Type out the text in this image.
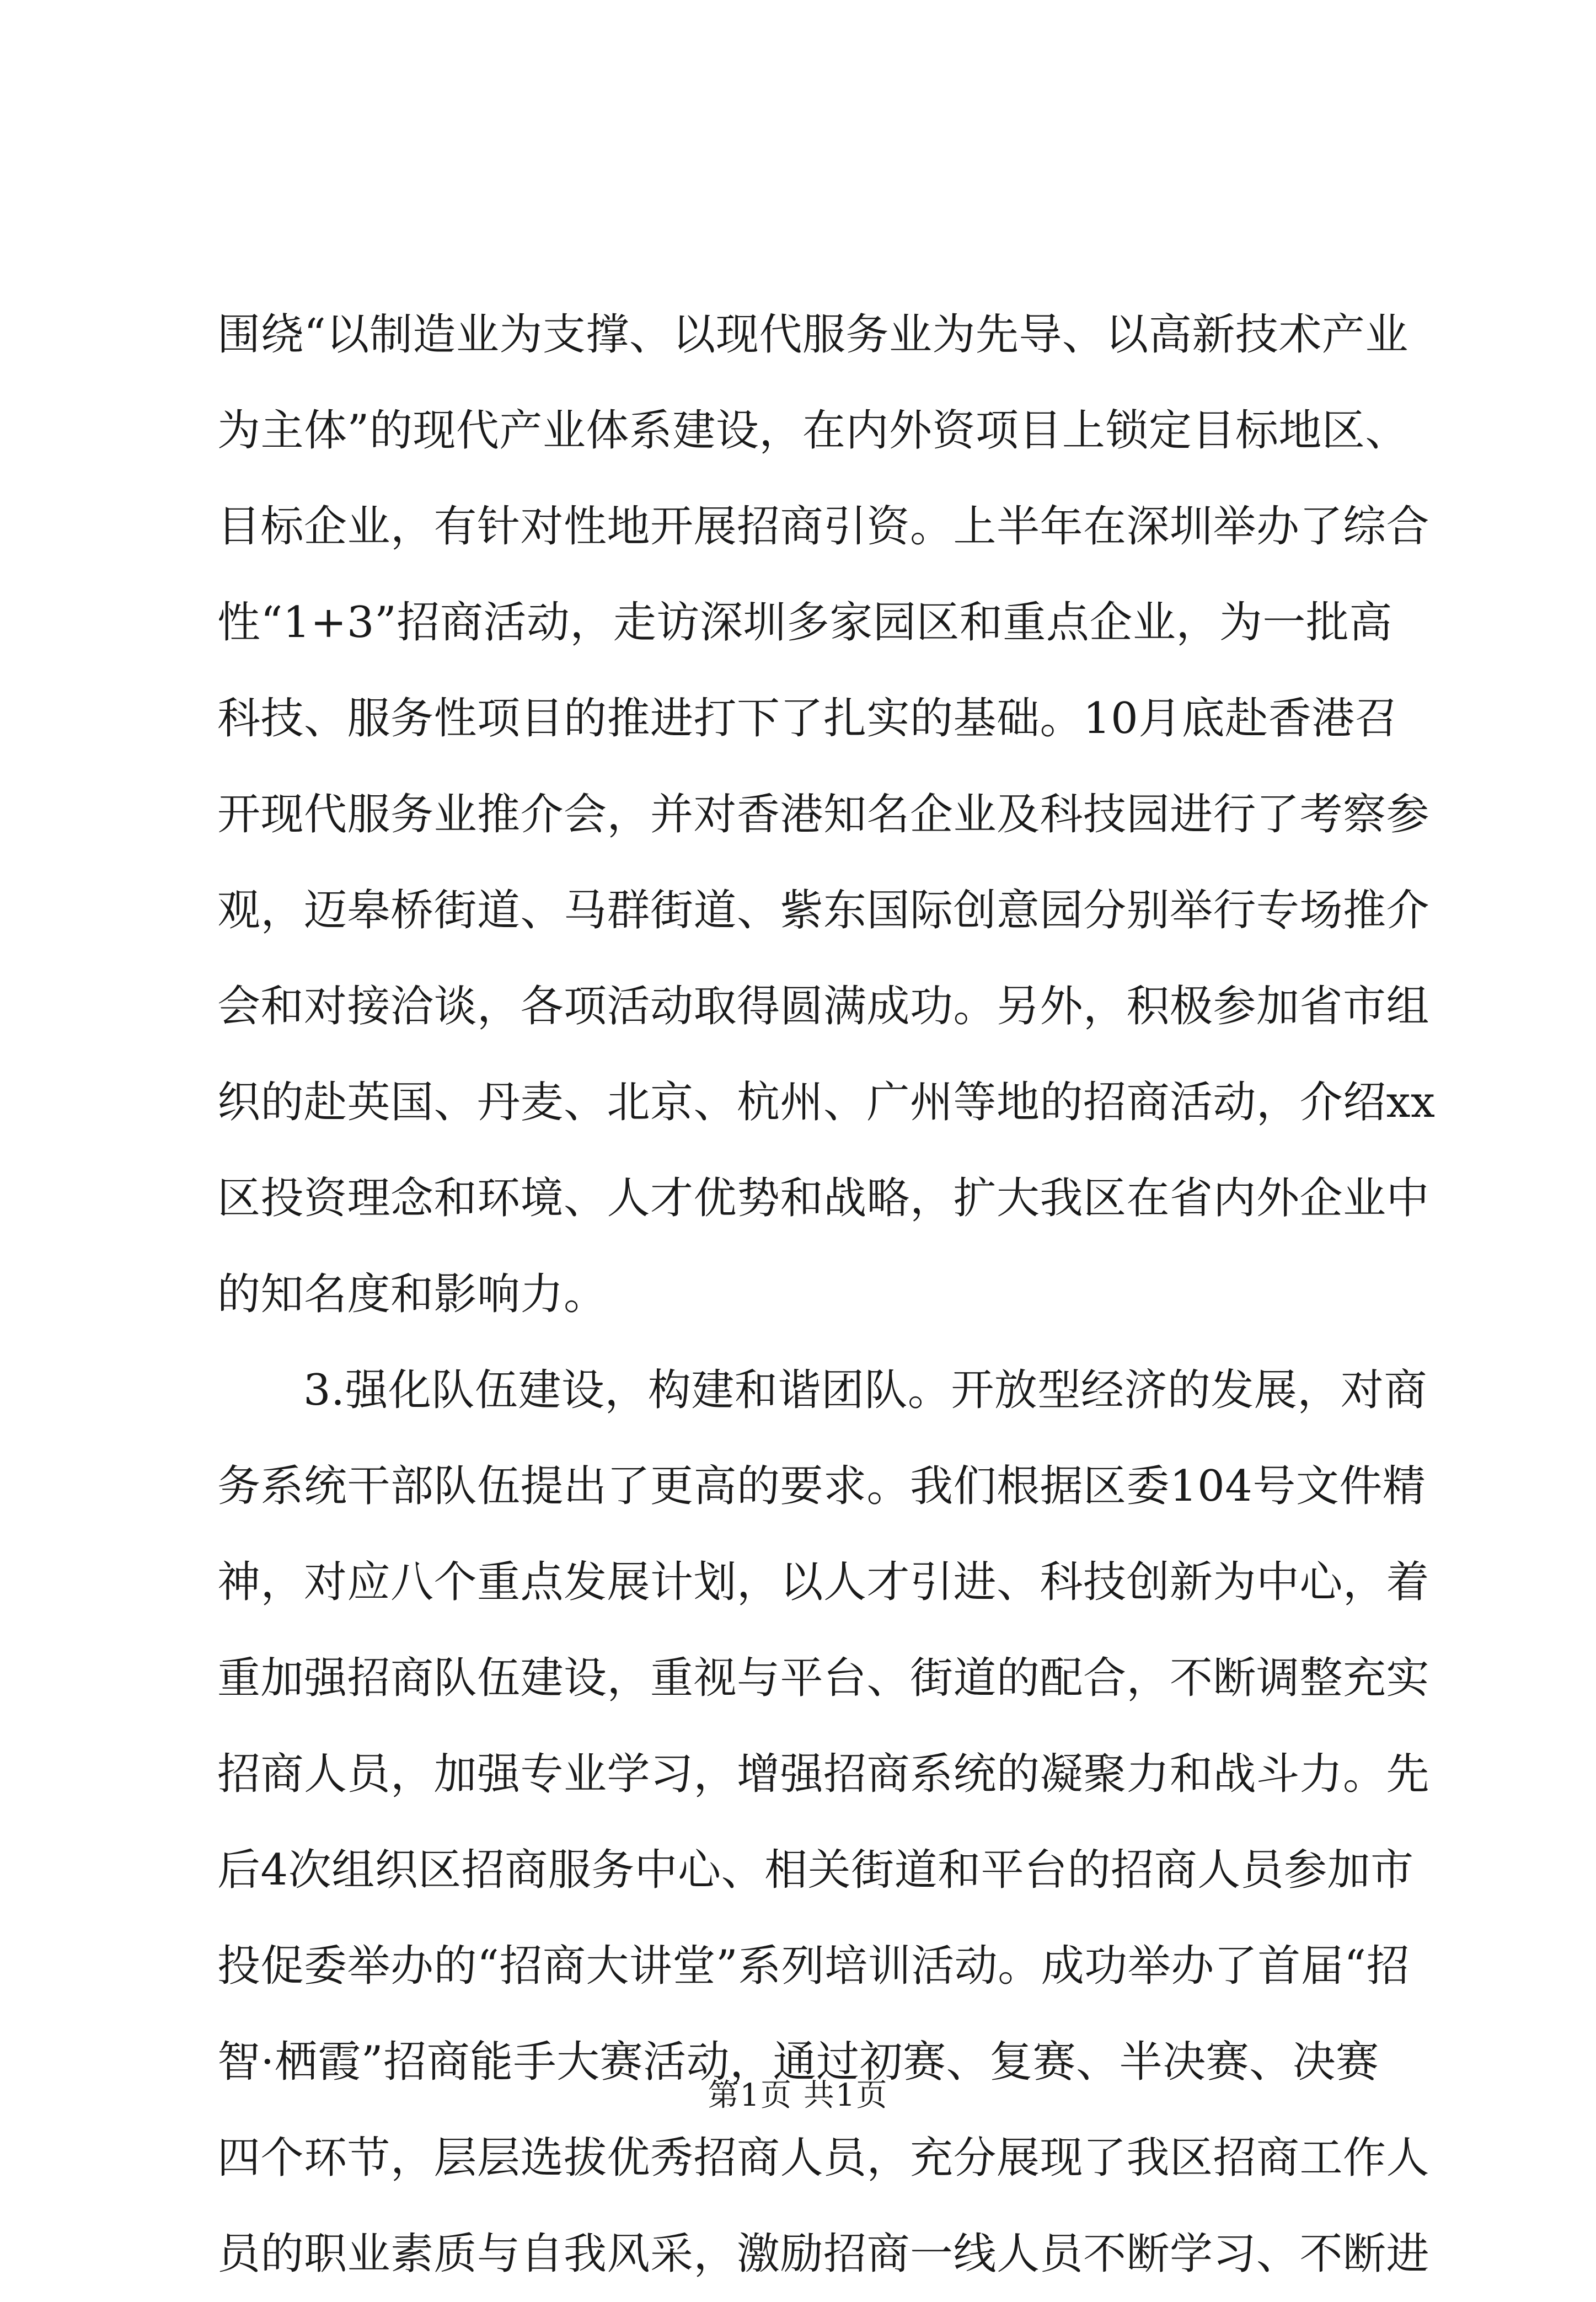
围绕“以制造业为支撑、以现代服务业为先导、以高新技术产业
为主体”的现代产业体系建设，在内外资项目上锁定目标地区、
目标企业，有针对性地开展招商引资。上半年在深圳举办了综合
性“1+3”招商活动，走访深圳多家园区和重点企业，为一批高
科技、服务性项目的推进打下了扎实的基础。10月底赴香港召
开现代服务业推介会，并对香港知名企业及科技园进行了考察参
观，迈皋桥街道、马群街道、紫东国际创意园分别举行专场推介
会和对接洽谈，各项活动取得圆满成功。另外，积极参加省市组
织的赴英国、丹麦、北京、杭州、广州等地的招商活动，介绍xx
区投资理念和环境、人才优势和战略，扩大我区在省内外企业中
的知名度和影响力。
3.强化队伍建设，构建和谐团队。开放型经济的发展，对商
务系统干部队伍提出了更高的要求。我们根据区委104号文件精
神，对应八个重点发展计划，以人才引进、科技创新为中心，着
重加强招商队伍建设，重视与平台、街道的配合，不断调整充实
招商人员，加强专业学习，增强招商系统的凝聚力和战斗力。先
后4次组织区招商服务中心、相关街道和平台的招商人员参加市
投促委举办的“招商大讲堂”系列培训活动。成功举办了首届“招
智·栖霞”招商能手大赛活动，通过初赛、复赛、半决赛、决赛
四个环节，层层选拔优秀招商人员，充分展现了我区招商工作人
员的职业素质与自我风采，激励招商一线人员不断学习、不断进
第1页 共1页
